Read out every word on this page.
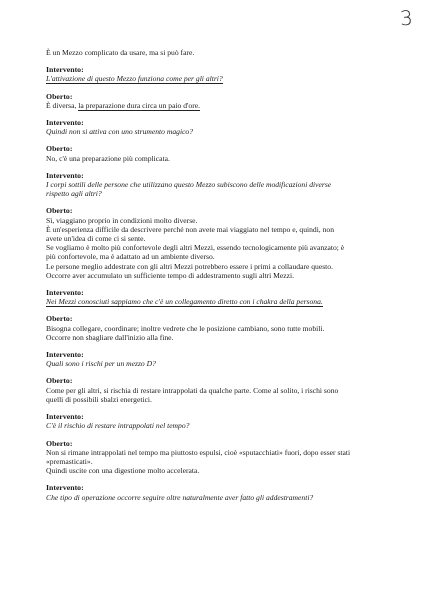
3
È un Mezzo complicato da usare, ma si può fare.
Intervento:
L'attivazione di questo Mezzo funziona come per gli altri?
Oberto:
È diversa, la preparazione dura circa un paio d'ore.
Intervento:
Quindi non si attiva con uno strumento magico?
Oberto:
No, c'è una preparazione più complicata.
Intervento:
I corpi sottili delle persone che utilizzano questo Mezzo subiscono delle modificazioni diverse
rispetto agli altri?
Oberto:
Sì, viaggiano proprio in condizioni molto diverse.
È un'esperienza difficile da descrivere perché non avete mai viaggiato nel tempo e, quindi, non
avete un'idea di come ci si sente.
Se vogliamo è molto più confortevole degli altri Mezzi, essendo tecnologicamente più avanzato; è
più confortevole, ma è adattato ad un ambiente diverso.
Le persone meglio addestrate con gli altri Mezzi potrebbero essere i primi a collaudare questo.
Occorre aver accumulato un sufficiente tempo di addestramento sugli altri Mezzi.
Intervento:
Nei Mezzi conosciuti sappiamo che c'è un collegamento diretto con i chakra della persona.
Oberto:
Bisogna collegare, coordinare; inoltre vedrete che le posizione cambiano, sono tutte mobili.
Occorre non sbagliare dall'inizio alla fine.
Intervento:
Quali sono i rischi per un mezzo D?
Oberto:
Come per gli altri, si rischia di restare intrappolati da qualche parte. Come al solito, i rischi sono
quelli di possibili sbalzi energetici.
Intervento:
C'è il rischio di restare intrappolati nel tempo?
Oberto:
Non si rimane intrappolati nel tempo ma piuttosto espulsi, cioè «sputacchiati» fuori, dopo esser stati
«premasticati».
Quindi uscite con una digestione molto accelerata.
Intervento:
Che tipo di operazione occorre seguire oltre naturalmente aver fatto gli addestramenti?
